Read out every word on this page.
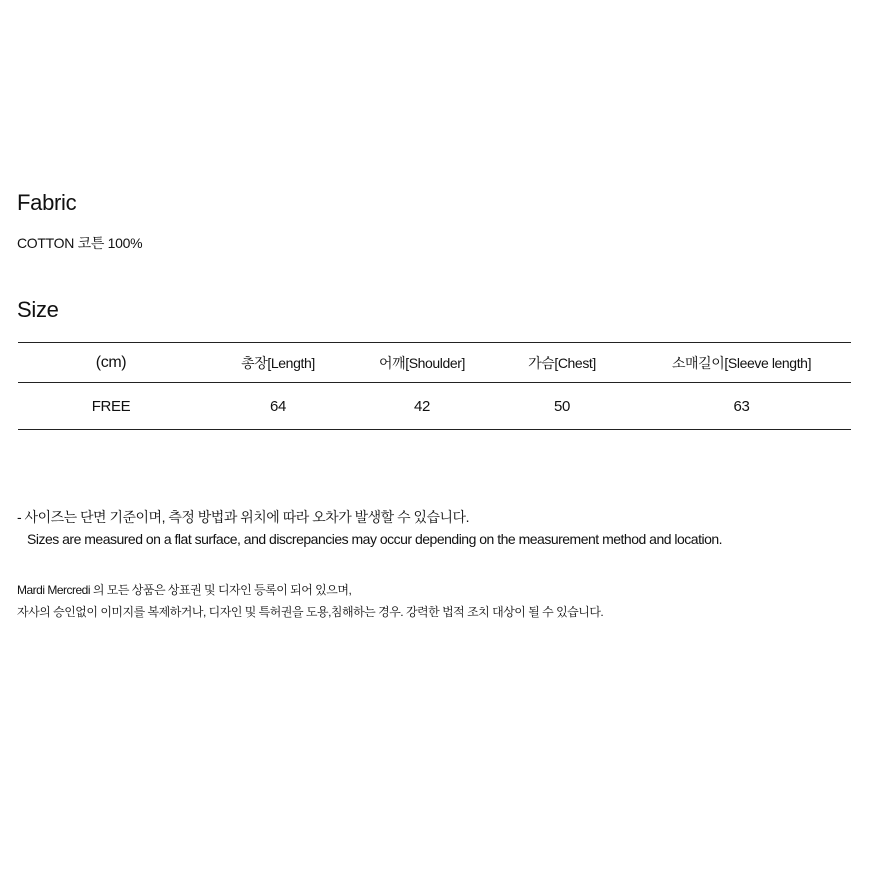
Fabric
COTTON 코튼 100%
Size
(cm)	총장[Length]	어깨[Shoulder]	가슴[Chest]	소매길이[Sleeve length]
FREE	64	42	50	63
- 사이즈는 단면 기준이며, 측정 방법과 위치에 따라 오차가 발생할 수 있습니다.
Sizes are measured on a flat surface, and discrepancies may occur depending on the measurement method and location.
Mardi Mercredi 의 모든 상품은 상표권 및 디자인 등록이 되어 있으며,
자사의 승인없이 이미지를 복제하거나, 디자인 및 특허권을 도용,침해하는 경우. 강력한 법적 조치 대상이 될 수 있습니다.
